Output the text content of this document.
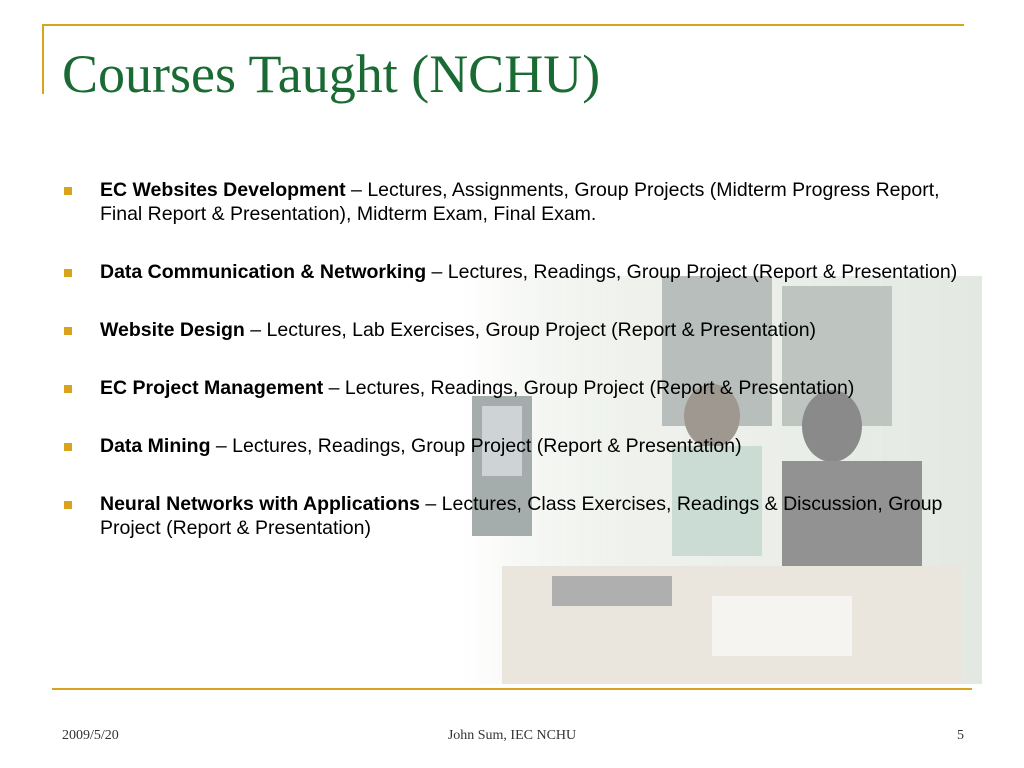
Courses Taught (NCHU)
EC Websites Development – Lectures, Assignments, Group Projects (Midterm Progress Report, Final Report & Presentation), Midterm Exam, Final Exam.
Data Communication & Networking – Lectures, Readings, Group Project (Report & Presentation)
Website Design – Lectures, Lab Exercises, Group Project (Report & Presentation)
EC Project Management – Lectures, Readings, Group Project (Report & Presentation)
Data Mining – Lectures, Readings, Group Project (Report & Presentation)
Neural Networks with Applications – Lectures, Class Exercises, Readings & Discussion, Group Project (Report & Presentation)
2009/5/20	John Sum, IEC NCHU	5
